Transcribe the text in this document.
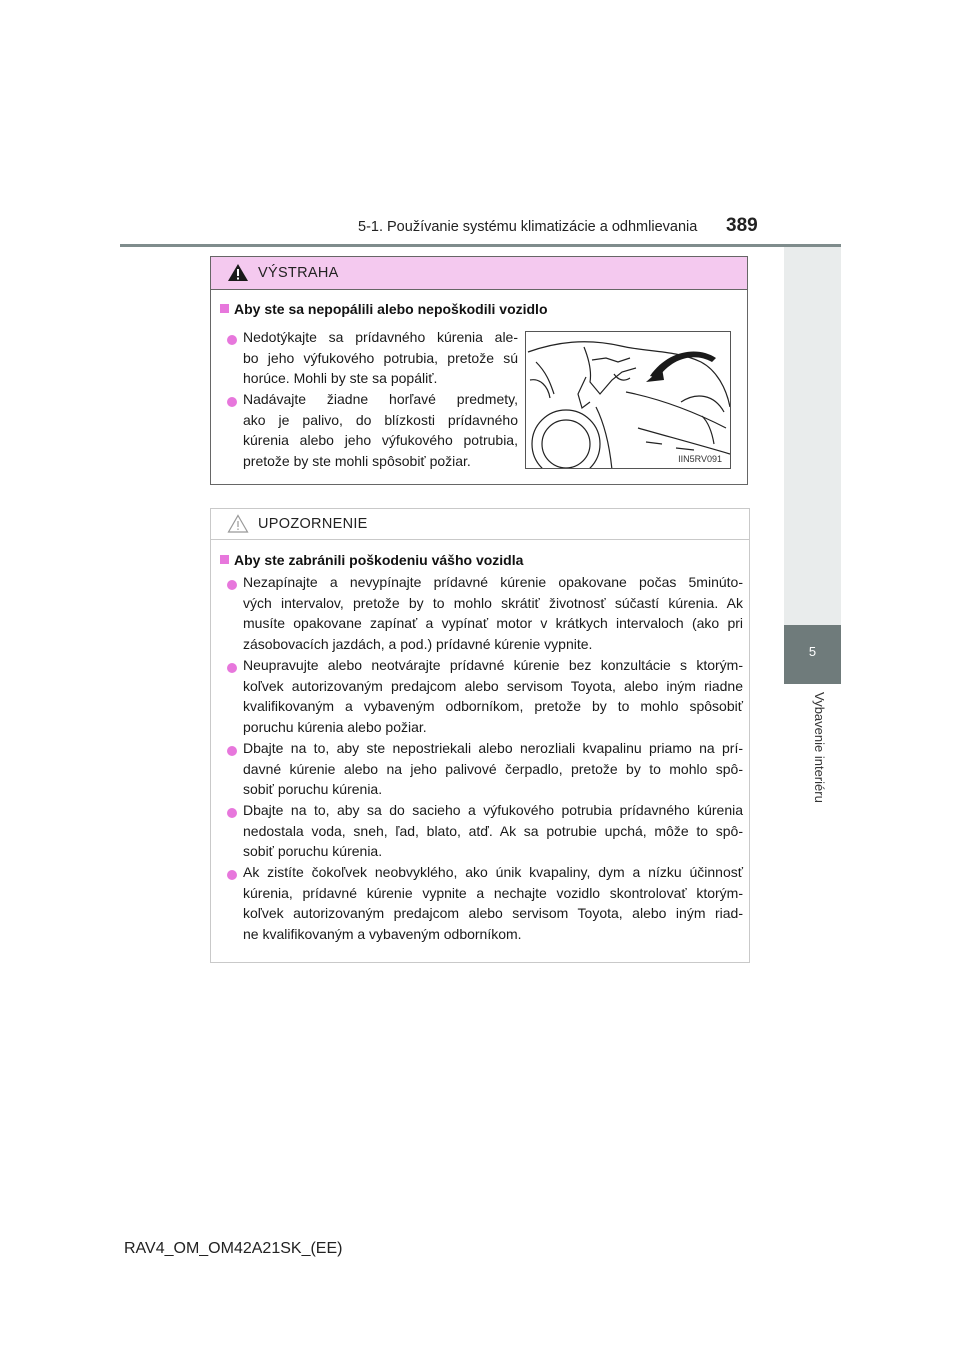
5-1. Používanie systému klimatizácie a odhmlievania 389
5
Vybavenie interiéru
VÝSTRAHA
Aby ste sa nepopálili alebo nepoškodili vozidlo
Nedotýkajte sa prídavného kúrenia ale-
bo jeho výfukového potrubia, pretože sú
horúce. Mohli by ste sa popáliť.
Nadávajte žiadne horľavé predmety,
ako je palivo, do blízkosti prídavného
kúrenia alebo jeho výfukového potrubia,
pretože by ste mohli spôsobiť požiar.	IIN5RV091
UPOZORNENIE
Aby ste zabránili poškodeniu vášho vozidla
Nezapínajte a nevypínajte prídavné kúrenie opakovane počas 5minúto-
vých intervalov, pretože by to mohlo skrátiť životnosť súčastí kúrenia. Ak
musíte opakovane zapínať a vypínať motor v krátkych intervaloch (ako pri
zásobovacích jazdách, a pod.) prídavné kúrenie vypnite.
Neupravujte alebo neotvárajte prídavné kúrenie bez konzultácie s ktorým-
koľvek autorizovaným predajcom alebo servisom Toyota, alebo iným riadne
kvalifikovaným a vybaveným odborníkom, pretože by to mohlo spôsobiť
poruchu kúrenia alebo požiar.
Dbajte na to, aby ste nepostriekali alebo nerozliali kvapalinu priamo na prí-
davné kúrenie alebo na jeho palivové čerpadlo, pretože by to mohlo spô-
sobiť poruchu kúrenia.
Dbajte na to, aby sa do sacieho a výfukového potrubia prídavného kúrenia
nedostala voda, sneh, ľad, blato, atď. Ak sa potrubie upchá, môže to spô-
sobiť poruchu kúrenia.
Ak zistíte čokoľvek neobvyklého, ako únik kvapaliny, dym a nízku účinnosť
kúrenia, prídavné kúrenie vypnite a nechajte vozidlo skontrolovať ktorým-
koľvek autorizovaným predajcom alebo servisom Toyota, alebo iným riad-
ne kvalifikovaným a vybaveným odborníkom.
RAV4_OM_OM42A21SK_(EE)
